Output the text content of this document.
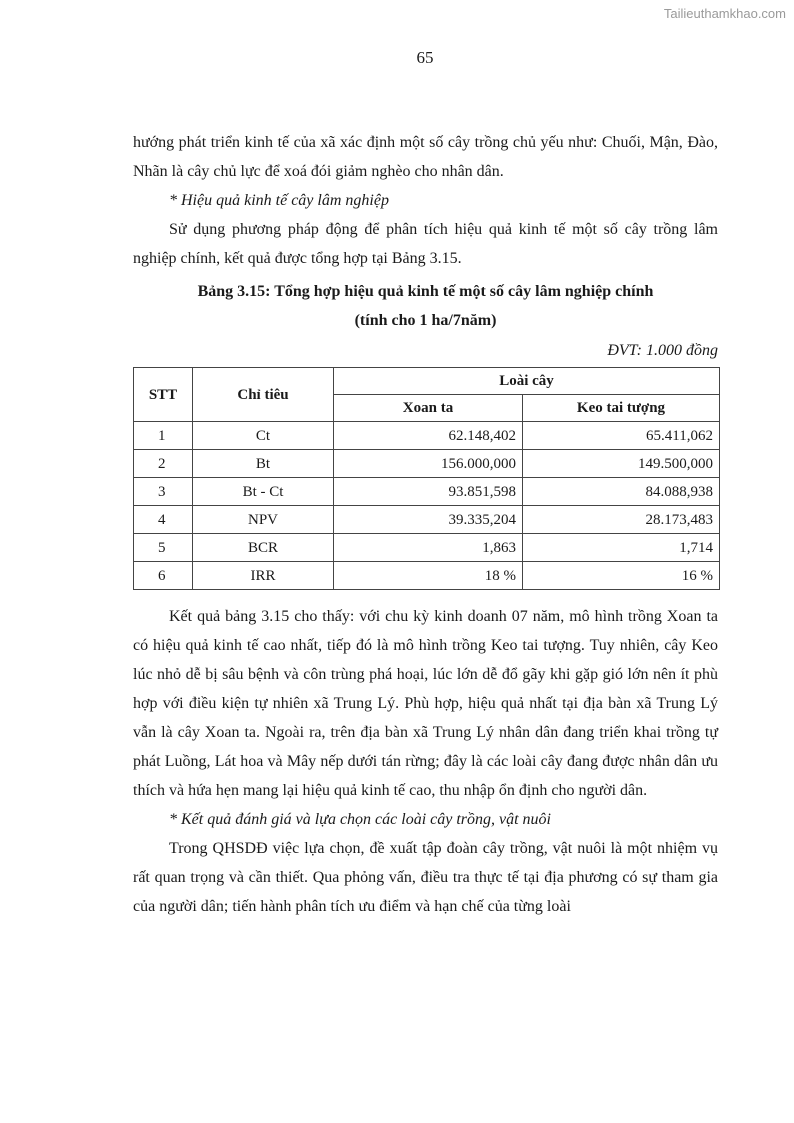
Tailieuthamkhao.com
65

hướng phát triển kinh tế của xã xác định một số cây trồng chủ yếu như: Chuối, Mận, Đào, Nhãn là cây chủ lực để xoá đói giảm nghèo cho nhân dân.

* Hiệu quả kinh tế cây lâm nghiệp

Sử dụng phương pháp động để phân tích hiệu quả kinh tế một số cây trồng lâm nghiệp chính, kết quả được tổng hợp tại Bảng 3.15.

Bảng 3.15: Tổng hợp hiệu quả kinh tế một số cây lâm nghiệp chính
(tính cho 1 ha/7năm)
ĐVT: 1.000 đồng
STT	Chỉ tiêu	Loài cây	
		Xoan ta	Keo tai tượng
1	Ct	62.148,402	65.411,062
2	Bt	156.000,000	149.500,000
3	Bt - Ct	93.851,598	84.088,938
4	NPV	39.335,204	28.173,483
5	BCR	1,863	1,714
6	IRR	18 %	16 %

Kết quả bảng 3.15 cho thấy: với chu kỳ kinh doanh 07 năm, mô hình trồng Xoan ta có hiệu quả kinh tế cao nhất, tiếp đó là mô hình trồng Keo tai tượng. Tuy nhiên, cây Keo lúc nhỏ dễ bị sâu bệnh và côn trùng phá hoại, lúc lớn dễ đổ gãy khi gặp gió lớn nên ít phù hợp với điều kiện tự nhiên xã Trung Lý. Phù hợp, hiệu quả nhất tại địa bàn xã Trung Lý vẫn là cây Xoan ta. Ngoài ra, trên địa bàn xã Trung Lý nhân dân đang triển khai trồng tự phát Luồng, Lát hoa và Mây nếp dưới tán rừng; đây là các loài cây đang được nhân dân ưu thích và hứa hẹn mang lại hiệu quả kinh tế cao, thu nhập ổn định cho người dân.

* Kết quả đánh giá và lựa chọn các loài cây trồng, vật nuôi

Trong QHSDĐ việc lựa chọn, đề xuất tập đoàn cây trồng, vật nuôi là một nhiệm vụ rất quan trọng và cần thiết. Qua phỏng vấn, điều tra thực tế tại địa phương có sự tham gia của người dân; tiến hành phân tích ưu điểm và hạn chế của từng loài
